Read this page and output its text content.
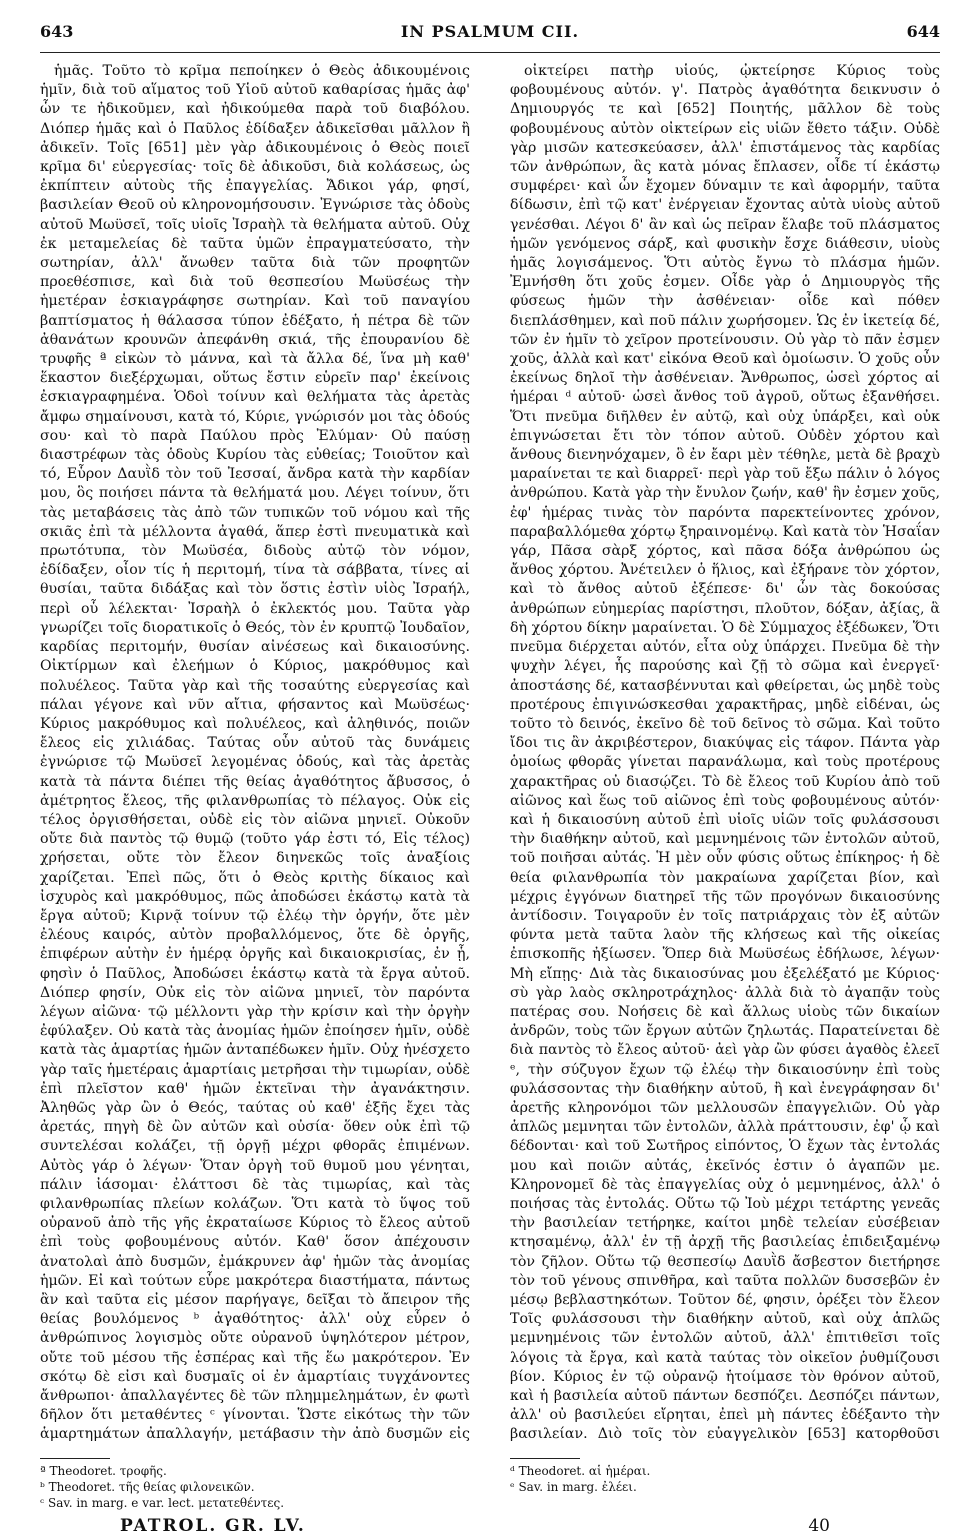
643	IN PSALMUM CII.	644

ἡμᾶς. Τοῦτο τὸ κρῖμα πεποίηκεν ὁ Θεὸς ἀδικουμένοις ἡμῖν, διὰ τοῦ αἵματος τοῦ Υἱοῦ αὐτοῦ καθαρίσας ἡμᾶς ἀφ' ὧν τε ἠδικοῦμεν, καὶ ἠδικούμεθα παρὰ τοῦ διαβόλου. Διόπερ ἡμᾶς καὶ ὁ Παῦλος ἐδίδαξεν ἀδικεῖσθαι μᾶλλον ἢ ἀδικεῖν. Τοῖς [651] μὲν γὰρ ἀδικουμένοις ὁ Θεὸς ποιεῖ κρῖμα δι' εὐεργεσίας· τοῖς δὲ ἀδικοῦσι, διὰ κολάσεως, ὡς ἐκπίπτειν αὐτοὺς τῆς ἐπαγγελίας. Ἄδικοι γάρ, φησί, βασιλείαν Θεοῦ οὐ κληρονομήσουσιν. Ἐγνώρισε τὰς ὁδοὺς αὐτοῦ Μωϋσεῖ, τοῖς υἱοῖς Ἰσραὴλ τὰ θελήματα αὐτοῦ. Οὐχ ἐκ μεταμελείας δὲ ταῦτα ὑμῶν ἐπραγματεύσατο, τὴν σωτηρίαν, ἀλλ' ἄνωθεν ταῦτα διὰ τῶν προφητῶν προεθέσπισε, καὶ διὰ τοῦ θεσπεσίου Μωϋσέως τὴν ἡμετέραν ἐσκιαγράφησε σωτηρίαν. Καὶ τοῦ παναγίου βαπτίσματος ἡ θάλασσα τύπον ἐδέξατο, ἡ πέτρα δὲ τῶν ἀθανάτων κρουνῶν ἀπεφάνθη σκιά, τῆς ἐπουρανίου δὲ τρυφῆς ª εἰκὼν τὸ μάννα, καὶ τὰ ἄλλα δέ, ἵνα μὴ καθ' ἕκαστον διεξέρχωμαι, οὕτως ἔστιν εὑρεῖν παρ' ἐκείνοις ἐσκιαγραφημένα. Ὁδοὶ τοίνυν καὶ θελήματα τὰς ἀρετὰς ἄμφω σημαίνουσι, κατὰ τό, Κύριε, γνώρισόν μοι τὰς ὁδούς σου· καὶ τὸ παρὰ Παύλου πρὸς Ἐλύμαν· Οὐ παύσῃ διαστρέφων τὰς ὁδοὺς Κυρίου τὰς εὐθείας; Τοιοῦτον καὶ τό, Εὗρον Δαυῒδ τὸν τοῦ Ἰεσσαί, ἄνδρα κατὰ τὴν καρδίαν μου, ὃς ποιήσει πάντα τὰ θελήματά μου. Λέγει τοίνυν, ὅτι τὰς μεταβάσεις τὰς ἀπὸ τῶν τυπικῶν τοῦ νόμου καὶ τῆς σκιᾶς ἐπὶ τὰ μέλλοντα ἀγαθά, ἅπερ ἐστὶ πνευματικὰ καὶ πρωτότυπα, τὸν Μωϋσέα, διδοὺς αὐτῷ τὸν νόμον, ἐδίδαξεν, οἷον τίς ἡ περιτομή, τίνα τὰ σάββατα, τίνες αἱ θυσίαι, ταῦτα διδάξας καὶ τὸν ὅστις ἐστὶν υἱὸς Ἰσραήλ, περὶ οὗ λέλεκται· Ἰσραὴλ ὁ ἐκλεκτός μου. Ταῦτα γὰρ γνωρίζει τοῖς διορατικοῖς ὁ Θεός, τὸν ἐν κρυπτῷ Ἰουδαῖον, καρδίας περιτομήν, θυσίαν αἰνέσεως καὶ δικαιοσύνης. Οἰκτίρμων καὶ ἐλεήμων ὁ Κύριος, μακρόθυμος καὶ πολυέλεος. Ταῦτα γὰρ καὶ τῆς τοσαύτης εὐεργεσίας καὶ πάλαι γέγονε καὶ νῦν αἴτια, φήσαντος καὶ Μωϋσέως· Κύριος μακρόθυμος καὶ πολυέλεος, καὶ ἀληθινός, ποιῶν ἔλεος εἰς χιλιάδας. Ταύτας οὖν αὐτοῦ τὰς δυνάμεις ἐγνώρισε τῷ Μωϋσεῖ λεγομένας ὁδούς, καὶ τὰς ἀρετὰς κατὰ τὰ πάντα διέπει τῆς θείας ἀγαθότητος ἄβυσσος, ὁ ἀμέτρητος ἔλεος, τῆς φιλανθρωπίας τὸ πέλαγος. Οὐκ εἰς τέλος ὀργισθήσεται, οὐδὲ εἰς τὸν αἰῶνα μηνιεῖ. Οὐκοῦν οὔτε διὰ παντὸς τῷ θυμῷ (τοῦτο γάρ ἐστι τό, Εἰς τέλος) χρήσεται, οὔτε τὸν ἔλεον διηνεκῶς τοῖς ἀναξίοις χαρίζεται. Ἐπεὶ πῶς, ὅτι ὁ Θεὸς κριτὴς δίκαιος καὶ ἰσχυρὸς καὶ μακρόθυμος, πῶς ἀποδώσει ἑκάστῳ κατὰ τὰ ἔργα αὐτοῦ; Κιρνᾷ τοίνυν τῷ ἐλέῳ τὴν ὀργήν, ὅτε μὲν ἐλέους καιρός, αὐτὸν προβαλλόμενος, ὅτε δὲ ὀργῆς, ἐπιφέρων αὐτὴν ἐν ἡμέρᾳ ὀργῆς καὶ δικαιοκρισίας, ἐν ᾗ, φησὶν ὁ Παῦλος, Ἀποδώσει ἑκάστῳ κατὰ τὰ ἔργα αὐτοῦ. Διόπερ φησίν, Οὐκ εἰς τὸν αἰῶνα μηνιεῖ, τὸν παρόντα λέγων αἰῶνα· τῷ μέλλοντι γὰρ τὴν κρίσιν καὶ τὴν ὀργὴν ἐφύλαξεν. Οὐ κατὰ τὰς ἀνομίας ἡμῶν ἐποίησεν ἡμῖν, οὐδὲ κατὰ τὰς ἁμαρτίας ἡμῶν ἀνταπέδωκεν ἡμῖν. Οὐχ ἠνέσχετο γὰρ ταῖς ἡμετέραις ἁμαρτίαις μετρῆσαι τὴν τιμωρίαν, οὐδὲ ἐπὶ πλεῖστον καθ' ἡμῶν ἐκτεῖναι τὴν ἀγανάκτησιν. Ἀληθῶς γὰρ ὢν ὁ Θεός, ταύτας οὐ καθ' ἑξῆς ἔχει τὰς ἀρετάς, πηγὴ δὲ ὢν αὐτῶν καὶ οὐσία· ὅθεν οὐκ ἐπὶ τῷ συντελέσαι κολάζει, τῇ ὀργῇ μέχρι φθορᾶς ἐπιμένων. Αὐτὸς γάρ ὁ λέγων· Ὅταν ὀργὴ τοῦ θυμοῦ μου γένηται, πάλιν ἰάσομαι· ἐλάττοσι δὲ τὰς τιμωρίας, καὶ τὰς φιλανθρωπίας πλείων κολάζων. Ὅτι κατὰ τὸ ὕψος τοῦ οὐρανοῦ ἀπὸ τῆς γῆς ἐκραταίωσε Κύριος τὸ ἔλεος αὐτοῦ ἐπὶ τοὺς φοβουμένους αὐτόν. Καθ' ὅσον ἀπέχουσιν ἀνατολαὶ ἀπὸ δυσμῶν, ἐμάκρυνεν ἀφ' ἡμῶν τὰς ἀνομίας ἡμῶν. Εἰ καὶ τούτων εὗρε μακρότερα διαστήματα, πάντως ἂν καὶ ταῦτα εἰς μέσον παρήγαγε, δεῖξαι τὸ ἄπειρον τῆς θείας βουλόμενος ᵇ ἀγαθότητος· ἀλλ' οὐχ εὗρεν ὁ ἀνθρώπινος λογισμὸς οὔτε οὐρανοῦ ὑψηλότερον μέτρον, οὔτε τοῦ μέσου τῆς ἑσπέρας καὶ τῆς ἕω μακρότερον. Ἐν σκότῳ δὲ εἰσι καὶ δυσμαῖς οἱ ἐν ἁμαρτίαις τυγχάνοντες ἄνθρωποι· ἀπαλλαγέντες δὲ τῶν πλημμελημάτων, ἐν φωτὶ δῆλον ὅτι μεταθέντες ᶜ γίνονται. Ὥστε εἰκότως τὴν τῶν ἁμαρτημάτων ἀπαλλαγήν, μετάβασιν τὴν ἀπὸ δυσμῶν εἰς

οἰκτείρει πατὴρ υἱούς, ᾠκτείρησε Κύριος τοὺς φοβουμένους αὐτόν. γ'. Πατρὸς ἀγαθότητα δεικνυσιν ὁ Δημιουργός τε καὶ [652] Ποιητής, μᾶλλον δὲ τοὺς φοβουμένους αὐτὸν οἰκτείρων εἰς υἱῶν ἔθετο τάξιν. Οὐδὲ γὰρ μισῶν κατεσκεύασεν, ἀλλ' ἐπιστάμενος τὰς καρδίας τῶν ἀνθρώπων, ἃς κατὰ μόνας ἔπλασεν, οἶδε τί ἑκάστῳ συμφέρει· καὶ ὧν ἔχομεν δύναμιν τε καὶ ἀφορμήν, ταῦτα δίδωσιν, ἐπὶ τῷ κατ' ἐνέργειαν ἔχοντας αὐτὰ υἱοὺς αὐτοῦ γενέσθαι. Λέγοι δ' ἂν καὶ ὡς πεῖραν ἔλαβε τοῦ πλάσματος ἡμῶν γενόμενος σάρξ, καὶ φυσικὴν ἔσχε διάθεσιν, υἱοὺς ἡμᾶς λογισάμενος. Ὅτι αὐτὸς ἔγνω τὸ πλάσμα ἡμῶν. Ἐμνήσθη ὅτι χοῦς ἐσμεν. Οἶδε γὰρ ὁ Δημιουργὸς τῆς φύσεως ἡμῶν τὴν ἀσθένειαν· οἶδε καὶ πόθεν διεπλάσθημεν, καὶ ποῦ πάλιν χωρήσομεν. Ὡς ἐν ἱκετείᾳ δέ, τῶν ἐν ἡμῖν τὸ χεῖρον προτείνουσιν. Οὐ γὰρ τὸ πᾶν ἐσμεν χοῦς, ἀλλὰ καὶ κατ' εἰκόνα Θεοῦ καὶ ὁμοίωσιν. Ὁ χοῦς οὖν ἐκείνως δηλοῖ τὴν ἀσθένειαν. Ἄνθρωπος, ὡσεὶ χόρτος αἱ ἡμέραι ᵈ αὐτοῦ· ὡσεὶ ἄνθος τοῦ ἀγροῦ, οὕτως ἐξανθήσει. Ὅτι πνεῦμα διῆλθεν ἐν αὐτῷ, καὶ οὐχ ὑπάρξει, καὶ οὐκ ἐπιγνώσεται ἔτι τὸν τόπον αὐτοῦ. Οὐδὲν χόρτου καὶ ἄνθους διενηνόχαμεν, ὃ ἐν ἔαρι μὲν τέθηλε, μετὰ δὲ βραχὺ μαραίνεται τε καὶ διαρρεῖ· περὶ γὰρ τοῦ ἔξω πάλιν ὁ λόγος ἀνθρώπου. Κατὰ γὰρ τὴν ἔνυλον ζωήν, καθ' ἣν ἐσμεν χοῦς, ἐφ' ἡμέρας τινὰς τὸν παρόντα παρεκτείνοντες χρόνον, παραβαλλόμεθα χόρτῳ ξηραινομένῳ. Καὶ κατὰ τὸν Ἡσαΐαν γάρ, Πᾶσα σὰρξ χόρτος, καὶ πᾶσα δόξα ἀνθρώπου ὡς ἄνθος χόρτου. Ἀνέτειλεν ὁ ἥλιος, καὶ ἐξήρανε τὸν χόρτον, καὶ τὸ ἄνθος αὐτοῦ ἐξέπεσε· δι' ὧν τὰς δοκούσας ἀνθρώπων εὐημερίας παρίστησι, πλοῦτον, δόξαν, ἀξίας, ἃ δὴ χόρτου δίκην μαραίνεται. Ὁ δὲ Σύμμαχος ἐξέδωκεν, Ὅτι πνεῦμα διέρχεται αὐτόν, εἶτα οὐχ ὑπάρχει. Πνεῦμα δὲ τὴν ψυχὴν λέγει, ἧς παρούσης καὶ ζῇ τὸ σῶμα καὶ ἐνεργεῖ· ἀποστάσης δέ, κατασβέννυται καὶ φθείρεται, ὡς μηδὲ τοὺς προτέρους ἐπιγινώσκεσθαι χαρακτῆρας, μηδὲ εἰδέναι, ὡς τοῦτο τὸ δεινός, ἐκεῖνο δὲ τοῦ δεῖνος τὸ σῶμα. Καὶ τοῦτο ἴδοι τις ἂν ἀκριβέστερον, διακύψας εἰς τάφον. Πάντα γὰρ ὁμοίως φθορᾶς γίνεται παρανάλωμα, καὶ τοὺς προτέρους χαρακτῆρας οὐ διασῴζει. Τὸ δὲ ἔλεος τοῦ Κυρίου ἀπὸ τοῦ αἰῶνος καὶ ἕως τοῦ αἰῶνος ἐπὶ τοὺς φοβουμένους αὐτόν· καὶ ἡ δικαιοσύνη αὐτοῦ ἐπὶ υἱοῖς υἱῶν τοῖς φυλάσσουσι τὴν διαθήκην αὐτοῦ, καὶ μεμνημένοις τῶν ἐντολῶν αὐτοῦ, τοῦ ποιῆσαι αὐτάς. Ἡ μὲν οὖν φύσις οὕτως ἐπίκηρος· ἡ δὲ θεία φιλανθρωπία τὸν μακραίωνα χαρίζεται βίον, καὶ μέχρις ἐγγόνων διατηρεῖ τῆς τῶν προγόνων δικαιοσύνης ἀντίδοσιν. Τοιγαροῦν ἐν τοῖς πατριάρχαις τὸν ἐξ αὐτῶν φύντα μετὰ ταῦτα λαὸν τῆς κλήσεως καὶ τῆς οἰκείας ἐπισκοπῆς ἠξίωσεν. Ὅπερ διὰ Μωϋσέως ἐδήλωσε, λέγων· Μὴ εἴπῃς· Διὰ τὰς δικαιοσύνας μου ἐξελέξατό με Κύριος· σὺ γὰρ λαὸς σκληροτράχηλος· ἀλλὰ διὰ τὸ ἀγαπᾷν τοὺς πατέρας σου. Νοήσεις δὲ καὶ ἄλλως υἱοὺς τῶν δικαίων ἀνδρῶν, τοὺς τῶν ἔργων αὐτῶν ζηλωτάς. Παρατείνεται δὲ διὰ παντὸς τὸ ἔλεος αὐτοῦ· ἀεὶ γὰρ ὢν φύσει ἀγαθὸς ἐλεεῖ ᵉ, τὴν σύζυγον ἔχων τῷ ἐλέῳ τὴν δικαιοσύνην ἐπὶ τοὺς φυλάσσοντας τὴν διαθήκην αὐτοῦ, ἢ καὶ ἐνεγράφησαν δι' ἀρετῆς κληρονόμοι τῶν μελλουσῶν ἐπαγγελιῶν. Οὐ γὰρ ἁπλῶς μεμνηται τῶν ἐντολῶν, ἀλλὰ πράττουσιν, ἐφ' ᾧ καὶ δέδονται· καὶ τοῦ Σωτῆρος εἰπόντος, Ὁ ἔχων τὰς ἐντολάς μου καὶ ποιῶν αὐτάς, ἐκεῖνός ἐστιν ὁ ἀγαπῶν με. Κληρονομεῖ δὲ τὰς ἐπαγγελίας οὐχ ὁ μεμνημένος, ἀλλ' ὁ ποιήσας τὰς ἐντολάς. Οὕτω τῷ Ἰοὺ μέχρι τετάρτης γενεᾶς τὴν βασιλείαν τετήρηκε, καίτοι μηδὲ τελείαν εὐσέβειαν κτησαμένῳ, ἀλλ' ἐν τῇ ἀρχῇ τῆς βασιλείας ἐπιδειξαμένῳ τὸν ζῆλον. Οὕτω τῷ θεσπεσίῳ Δαυῒδ ἄσβεστον διετήρησε τὸν τοῦ γένους σπινθῆρα, καὶ ταῦτα πολλῶν δυσσεβῶν ἐν μέσῳ βεβλαστηκότων. Τοῦτον δέ, φησιν, ὀρέξει τὸν ἔλεον Τοῖς φυλάσσουσι τὴν διαθήκην αὐτοῦ, καὶ οὐχ ἁπλῶς μεμνημένοις τῶν ἐντολῶν αὐτοῦ, ἀλλ' ἐπιτιθεῖσι τοῖς λόγοις τὰ ἔργα, καὶ κατὰ ταύτας τὸν οἰκεῖον ῥυθμίζουσι βίον. Κύριος ἐν τῷ οὐρανῷ ἡτοίμασε τὸν θρόνον αὐτοῦ, καὶ ἡ βασιλεία αὐτοῦ πάντων δεσπόζει. Δεσπόζει πάντων, ἀλλ' οὐ βασιλεύει εἴρηται, ἐπεὶ μὴ πάντες ἐδέξαντο τὴν βασιλείαν. Διὸ τοῖς τὸν εὐαγγελικὸν [653] κατορθοῦσι

ª Theodoret. τροφῆς.
ᵇ Theodoret. τῆς θείας φιλονεικῶν.
ᶜ Sav. in marg. e var. lect. μετατεθέντες.
ᵈ Theodoret. αἱ ἡμέραι.
ᵉ Sav. in marg. ἐλέει.
PATROL. GR. LV.	40
